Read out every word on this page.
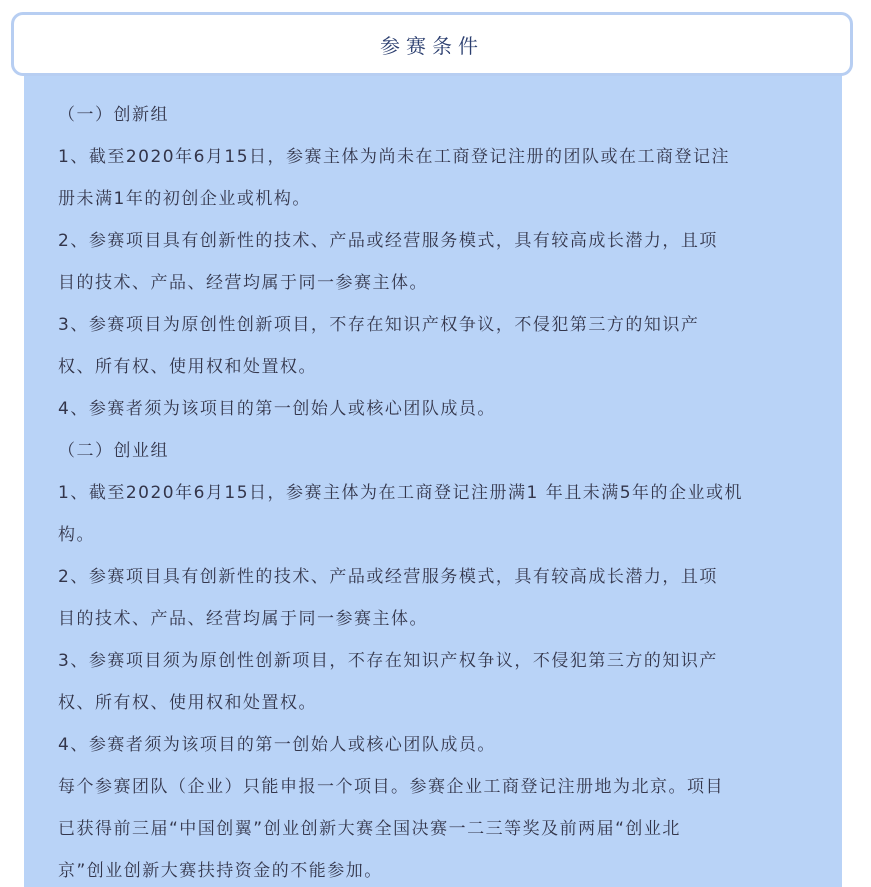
参赛条件

（一）创新组

1、截至2020年6月15日，参赛主体为尚未在工商登记注册的团队或在工商登记注

册未满1年的初创企业或机构。

2、参赛项目具有创新性的技术、产品或经营服务模式，具有较高成长潜力，且项

目的技术、产品、经营均属于同一参赛主体。

3、参赛项目为原创性创新项目，不存在知识产权争议，不侵犯第三方的知识产

权、所有权、使用权和处置权。

4、参赛者须为该项目的第一创始人或核心团队成员。

（二）创业组

1、截至2020年6月15日，参赛主体为在工商登记注册满1 年且未满5年的企业或机

构。

2、参赛项目具有创新性的技术、产品或经营服务模式，具有较高成长潜力，且项

目的技术、产品、经营均属于同一参赛主体。

3、参赛项目须为原创性创新项目，不存在知识产权争议，不侵犯第三方的知识产

权、所有权、使用权和处置权。

4、参赛者须为该项目的第一创始人或核心团队成员。

每个参赛团队（企业）只能申报一个项目。参赛企业工商登记注册地为北京。项目

已获得前三届“中国创翼”创业创新大赛全国决赛一二三等奖及前两届“创业北

京”创业创新大赛扶持资金的不能参加。
